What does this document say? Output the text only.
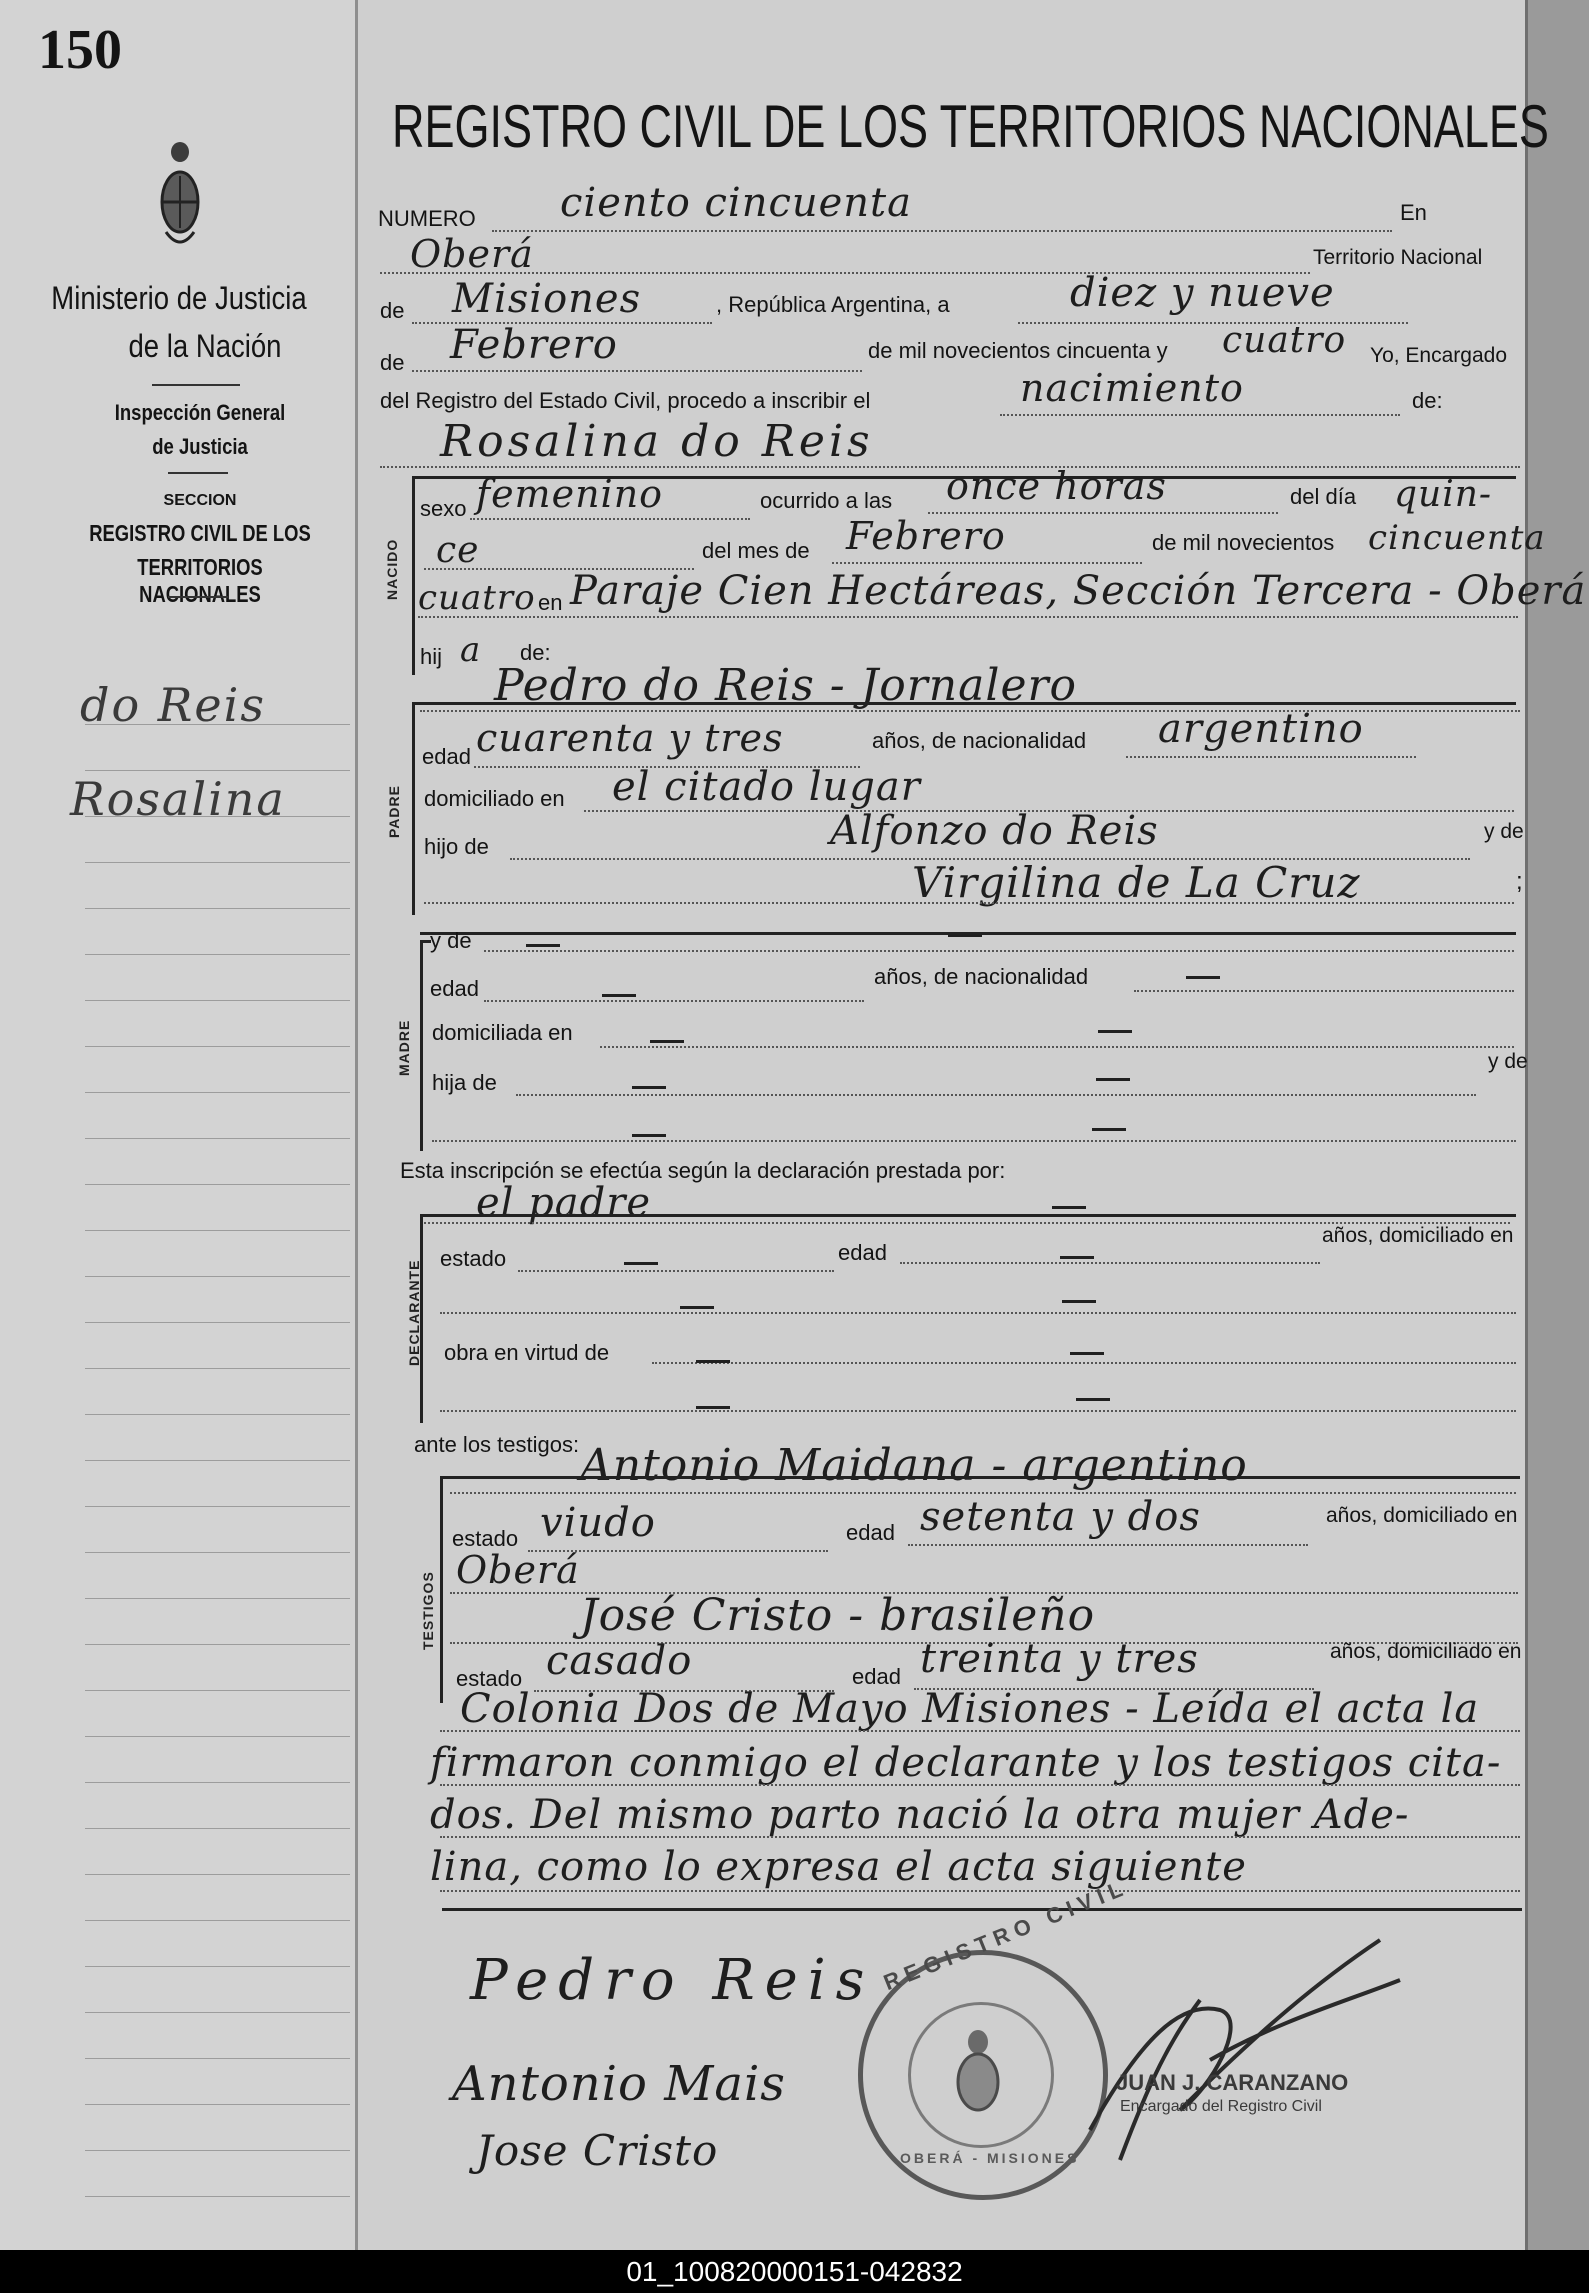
150
Ministerio de Justicia
de la Nación
Inspección General
de Justicia
SECCION
REGISTRO CIVIL DE LOS
TERRITORIOS NACIONALES
do Reis
Rosalina
REGISTRO CIVIL DE LOS TERRITORIOS NACIONALES
NUMERO ciento cincuenta	En
Oberá	Territorio Nacional
de Misiones	, República Argentina, a	diez y nueve
de Febrero	de mil novecientos cincuenta y cuatro Yo, Encargado
del Registro del Estado Civil, procedo a inscribir el	nacimiento	de:
Rosalina do Reis
NACIDO
sexo femenino	ocurrido a las once horas	del día quin-
ce	del mes de Febrero	de mil novecientos cincuenta
cuatro en Paraje Cien Hectáreas, Sección Tercera - Oberá
hij a de:
Pedro do Reis - Jornalero
PADRE
edad cuarenta y tres	años, de nacionalidad argentino
domiciliado en el citado lugar
hijo de	Alfonzo do Reis	y de
Virgilina de La Cruz	;
MADRE
y de
edad	años, de nacionalidad
domiciliada en
hija de
y de
Esta inscripción se efectúa según la declaración prestada por:
el padre
DECLARANTE
estado	edad
años, domiciliado en
obra en virtud de
ante los testigos: Antonio Maidana - argentino
TESTIGOS
estado viudo	edad setenta y dos	años, domiciliado en
Oberá
José Cristo - brasileño
estado casado	edad treinta y tres	años, domiciliado en
Colonia Dos de Mayo Misiones - Leída el acta la
firmaron conmigo el declarante y los testigos cita-
dos. Del mismo parto nació la otra mujer Ade-
lina, como lo expresa el acta siguiente
Pedro Reis
Antonio Mais
Jose Cristo
REGISTRO CIVIL
OBERÁ - MISIONES
JUAN J. CARANZANO
Encargado del Registro Civil
01_100820000151-042832
